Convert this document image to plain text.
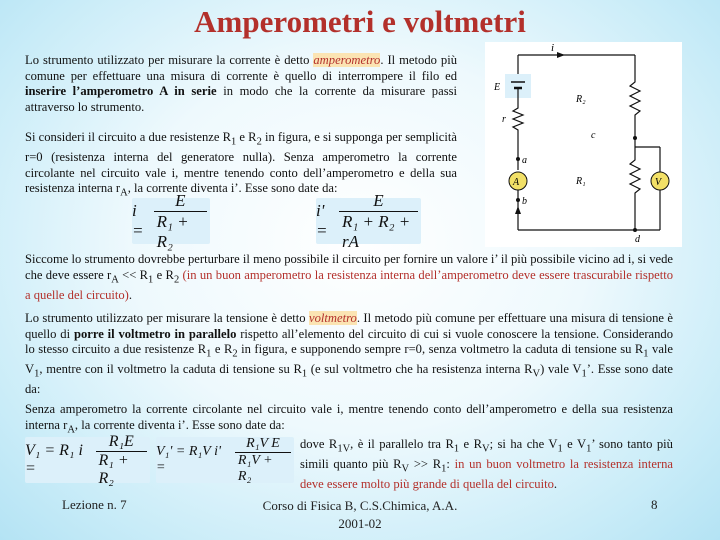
Amperometri e voltmetri

Lo strumento utilizzato per misurare la corrente è detto amperometro. Il metodo più comune per effettuare una misura di corrente è quello di interrompere il filo ed inserire l’amperometro A in serie in modo che la corrente da misurare passi attraverso lo strumento.

Si consideri il circuito a due resistenze $R_1$ e $R_2$ in figura, e si supponga per semplicità r=0 (resistenza interna del generatore nulla). Senza amperometro la corrente circolante nel circuito vale i, mentre tenendo conto dell’amperometro e della sua resistenza interna $r_A$, la corrente diventa i’. Esse sono date da:

$i = \frac{E}{\text{R₁ + R₂}}$	$i' = \frac{E}{\text{R₁ + R₂ + rA}}$
i
E
r
a
A
b
R₂
c
R₁
d
V

Siccome lo strumento dovrebbe perturbare il meno possibile il circuito per fornire un valore i’ il più possibile vicino ad i, si vede che deve essere $r_A << R_1$ e $R_2$ (in un buon amperometro la resistenza interna dell’amperometro deve essere trascurabile rispetto a quelle del circuito).

Lo strumento utilizzato per misurare la tensione è detto voltmetro. Il metodo più comune per effettuare una misura di tensione è quello di porre il voltmetro in parallelo rispetto all’elemento del circuito di cui si vuole conoscere la tensione. Considerando lo stesso circuito a due resistenze $R_1$ e $R_2$ in figura, e supponendo sempre r=0, senza voltmetro la caduta di tensione su $R_1$ vale $V_1$, mentre con il voltmetro la caduta di tensione su $R_1$ (e sul voltmetro che ha resistenza interna $R_V$) vale $V_1$’. Esse sono date da:

Senza amperometro la corrente circolante nel circuito vale i, mentre tenendo conto dell’amperometro e della sua resistenza interna $r_A$, la corrente diventa i’. Esse sono date da:

V₁ = R₁ i =	$\frac{\text{R₁E}}{\text{R₁ + R₂}} V_1' = R_1V$ i' =	$\frac{\text{R₁V E}}{\text{R₁V + R₂}}$ dove $R_{1V}$, è il parallelo tra $R_1$ e $R_V$; si ha che $V_1$ e $V_1$’ sono tanto più simili quanto più $R_V >> R_1$: in un buon voltmetro la resistenza interna deve essere molto più grande di quella del circuito.

Lezione n. 7	Corso di Fisica B, C.S.Chimica, A.A.
2001-02
8
